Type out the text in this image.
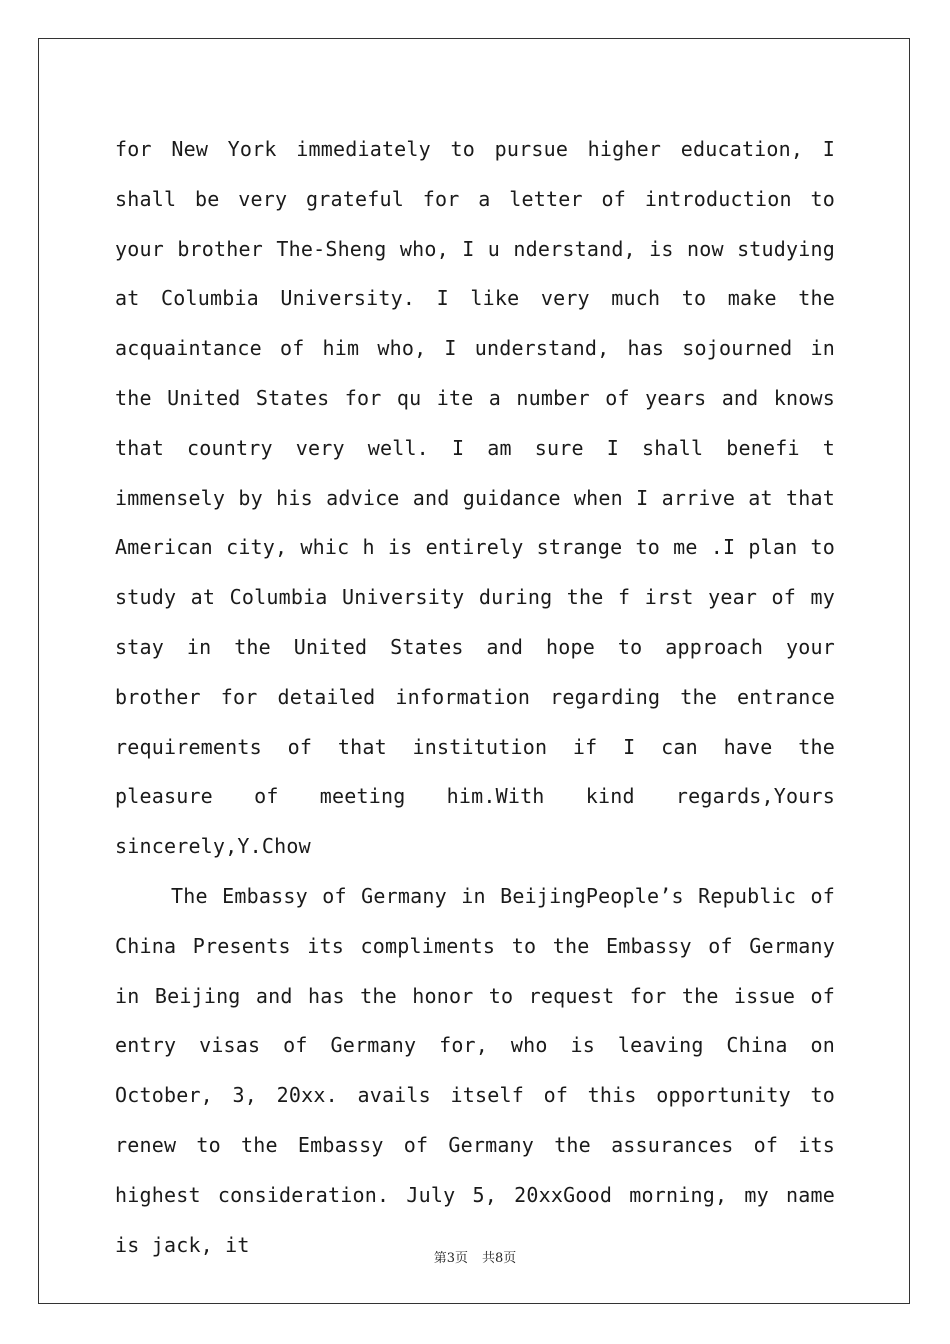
for New York immediately to pursue higher education, I shall be very grateful for a letter of introduction to your brother The-Sheng who, I u nderstand, is now studying at Columbia University. I like very much to make the acquaintance of him who, I understand, has sojourned in the United States for qu ite a number of years and knows that country very well. I am sure I shall benefi t immensely by his advice and guidance when I arrive at that American city, whic h is entirely strange to me .I plan to study at Columbia University during the f irst year of my stay in the United States and hope to approach your brother for detailed information regarding the entrance requirements of that institution if I can have the pleasure of meeting him.With kind regards,Yours sincerely,Y.Chow

The Embassy of Germany in BeijingPeople’s Republic of China Presents its compliments to the Embassy of Germany in Beijing and has the honor to request for the issue of entry visas of Germany for, who is leaving China on October, 3, 20xx. avails itself of this opportunity to renew to the Embassy of Germany the assurances of its highest consideration. July 5, 20xxGood morning, my name is jack, it

第3页 共8页
